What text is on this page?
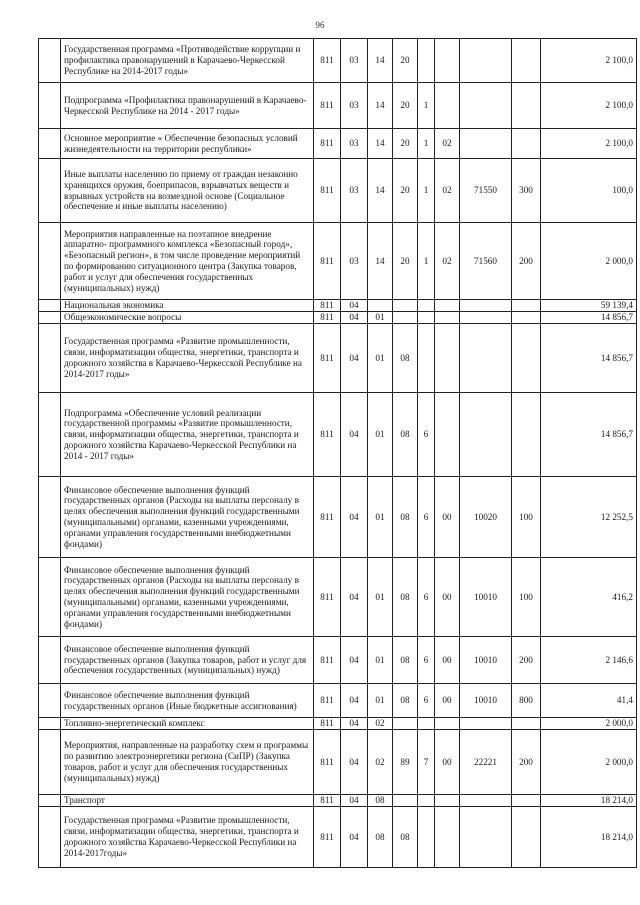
96
	Государственная программа «Противодействие коррупции и профилактика правонарушений в Карачаево-Черкесской Республике на 2014-2017 годы»	811	03	14	20					2 100,0
	Подпрограмма «Профилактика правонарушений в Карачаево-Черкесской Республике на 2014 - 2017 годы»	811	03	14	20	1				2 100,0
	Основное мероприятие « Обеспечение безопасных условий жизнедеятельности на территории республики»	811	03	14	20	1	02			2 100,0
	Иные выплаты населению по приему от граждан незаконно хранящихся оружия, боеприпасов, взрывчатых веществ и взрывных устройств на возмездной основе (Социальное обеспечение и иные выплаты населению)	811	03	14	20	1	02	71550	300	100,0
	Мероприятия направленные на поэтапное внедрение аппаратно- программного комплекса «Безопасный город», «Безопасный регион», в том числе проведение мероприятий по формированию ситуационного центра (Закупка товаров, работ и услуг для обеспечения государственных (муниципальных) нужд)	811	03	14	20	1	02	71560	200	2 000,0
	Национальная экономика	811	04							59 139,4
	Общеэкономические вопросы	811	04	01						14 856,7
	Государственная программа «Развитие промышленности, связи, информатизации общества, энергетики, транспорта и дорожного хозяйства в Карачаево-Черкесской Республике на 2014-2017 годы»	811	04	01	08					14 856,7
	Подпрограмма «Обеспечение условий реализации государственной программы «Развитие промышленности, связи, информатизации общества, энергетики, транспорта и дорожного хозяйства Карачаево-Черкесской Республики на 2014 - 2017 годы»	811	04	01	08	6				14 856,7
	Финансовое обеспечение выполнения функций государственных органов (Расходы на выплаты персоналу в целях обеспечения выполнения функций государственными (муниципальными) органами, казенными учреждениями, органами управления государственными внебюджетными фондами)	811	04	01	08	6	00	10020	100	12 252,5
	Финансовое обеспечение выполнения функций государственных органов (Расходы на выплаты персоналу в целях обеспечения выполнения функций государственными (муниципальными) органами, казенными учреждениями, органами управления государственными внебюджетными фондами)	811	04	01	08	6	00	10010	100	416,2
	Финансовое обеспечение выполнения функций государственных органов (Закупка товаров, работ и услуг для обеспечения государственных (муниципальных) нужд)	811	04	01	08	6	00	10010	200	2 146,6
	Финансовое обеспечение выполнения функций государственных органов (Иные бюджетные ассигнования)	811	04	01	08	6	00	10010	800	41,4
	Топливно-энергетический комплекс	811	04	02						2 000,0
	Мероприятия, направленные на разработку схем и программы по развитию электроэнергетики региона (СиПР) (Закупка товаров, работ и услуг для обеспечения государственных (муниципальных) нужд)	811	04	02	89	7	00	22221	200	2 000,0
	Транспорт	811	04	08						18 214,0
	Государственная программа «Развитие промышленности, связи, информатизации общества, энергетики, транспорта и дорожного хозяйства Карачаево-Черкесской Республики на 2014-2017годы»	811	04	08	08					18 214,0
